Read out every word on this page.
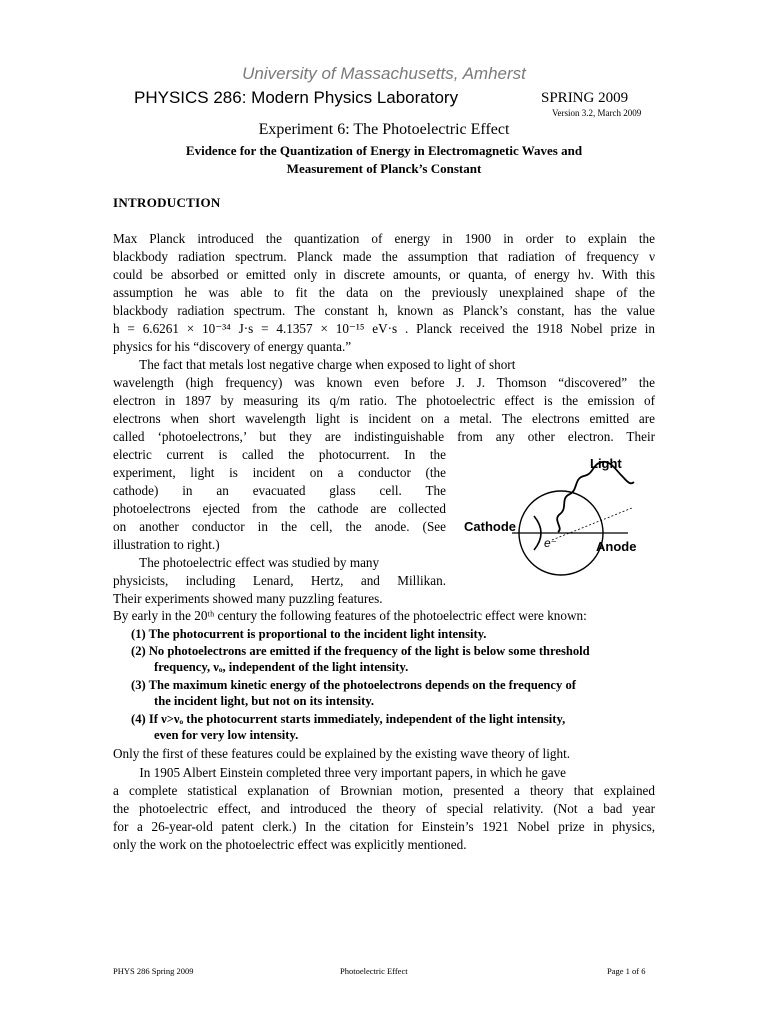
University of Massachusetts, Amherst
PHYSICS 286: Modern Physics Laboratory	SPRING 2009
Version 3.2, March 2009
Experiment 6: The Photoelectric Effect
Evidence for the Quantization of Energy in Electromagnetic Waves and
Measurement of Planck’s Constant
INTRODUCTION
Max Planck introduced the quantization of energy in 1900 in order to explain the
blackbody radiation spectrum. Planck made the assumption that radiation of frequency ν
could be absorbed or emitted only in discrete amounts, or quanta, of energy hν. With this
assumption he was able to fit the data on the previously unexplained shape of the
blackbody radiation spectrum. The constant h, known as Planck’s constant, has the value
h = 6.6261 × 10⁻³⁴ J·s = 4.1357 × 10⁻¹⁵ eV·s . Planck received the 1918 Nobel prize in
physics for his “discovery of energy quanta.”
The fact that metals lost negative charge when exposed to light of short
wavelength (high frequency) was known even before J. J. Thomson “discovered” the
electron in 1897 by measuring its q/m ratio. The photoelectric effect is the emission of
electrons when short wavelength light is incident on a metal. The electrons emitted are
called ‘photoelectrons,’ but they are indistinguishable from any other electron. Their
electric current is called the photocurrent. In the
experiment, light is incident on a conductor (the
cathode)  in  an  evacuated  glass  cell.  The
photoelectrons ejected from the cathode are collected
on another conductor in the cell, the anode. (See
illustration to right.)
The photoelectric effect was studied by many
physicists, including Lenard, Hertz, and Millikan.
Their experiments showed many puzzling features.
By early in the 20ᵗʰ century the following features of the photoelectric effect were known:
(1) The photocurrent is proportional to the incident light intensity.
(2) No photoelectrons are emitted if the frequency of the light is below some threshold
frequency, νₒ, independent of the light intensity.
(3) The maximum kinetic energy of the photoelectrons depends on the frequency of
the incident light, but not on its intensity.
(4) If ν>νₒ the photocurrent starts immediately, independent of the light intensity,
even for very low intensity.
Only the first of these features could be explained by the existing wave theory of light.
In 1905 Albert Einstein completed three very important papers, in which he gave
a complete statistical explanation of Brownian motion, presented a theory that explained
the photoelectric effect, and introduced the theory of special relativity. (Not a bad year
for a 26-year-old patent clerk.) In the citation for Einstein’s 1921 Nobel prize in physics,
only the work on the photoelectric effect was explicitly mentioned.
Light
Cathode
Anode
e⁻
PHYS 286 Spring 2009	Photoelectric Effect	Page 1 of 6
